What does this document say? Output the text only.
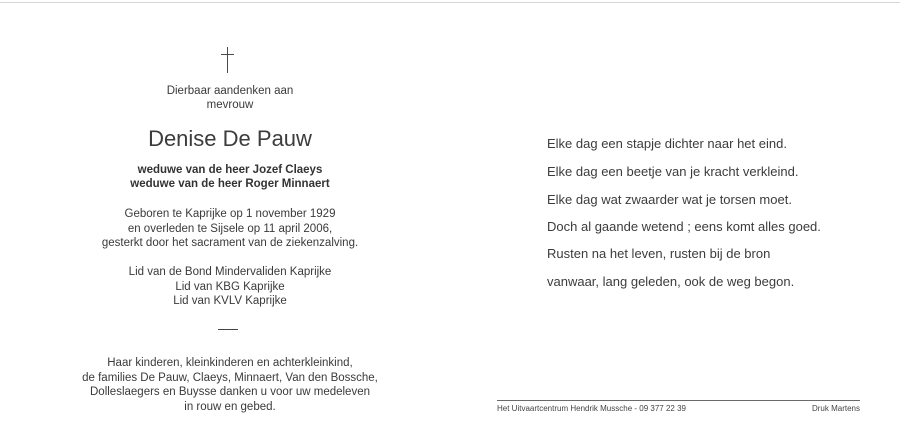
Dierbaar aandenken aan
mevrouw
Denise De Pauw
weduwe van de heer Jozef Claeys
weduwe van de heer Roger Minnaert
Geboren te Kaprijke op 1 november 1929
en overleden te Sijsele op 11 april 2006,
gesterkt door het sacrament van de ziekenzalving.
Lid van de Bond Mindervaliden Kaprijke
Lid van KBG Kaprijke
Lid van KVLV Kaprijke
Haar kinderen, kleinkinderen en achterkleinkind,
de families De Pauw, Claeys, Minnaert, Van den Bossche,
Dolleslaegers en Buysse danken u voor uw medeleven
in rouw en gebed.
Elke dag een stapje dichter naar het eind.
Elke dag een beetje van je kracht verkleind.
Elke dag wat zwaarder wat je torsen moet.
Doch al gaande wetend ; eens komt alles goed.
Rusten na het leven, rusten bij de bron
vanwaar, lang geleden, ook de weg begon.
Het Uitvaartcentrum Hendrik Mussche - 09 377 22 39	Druk Martens
